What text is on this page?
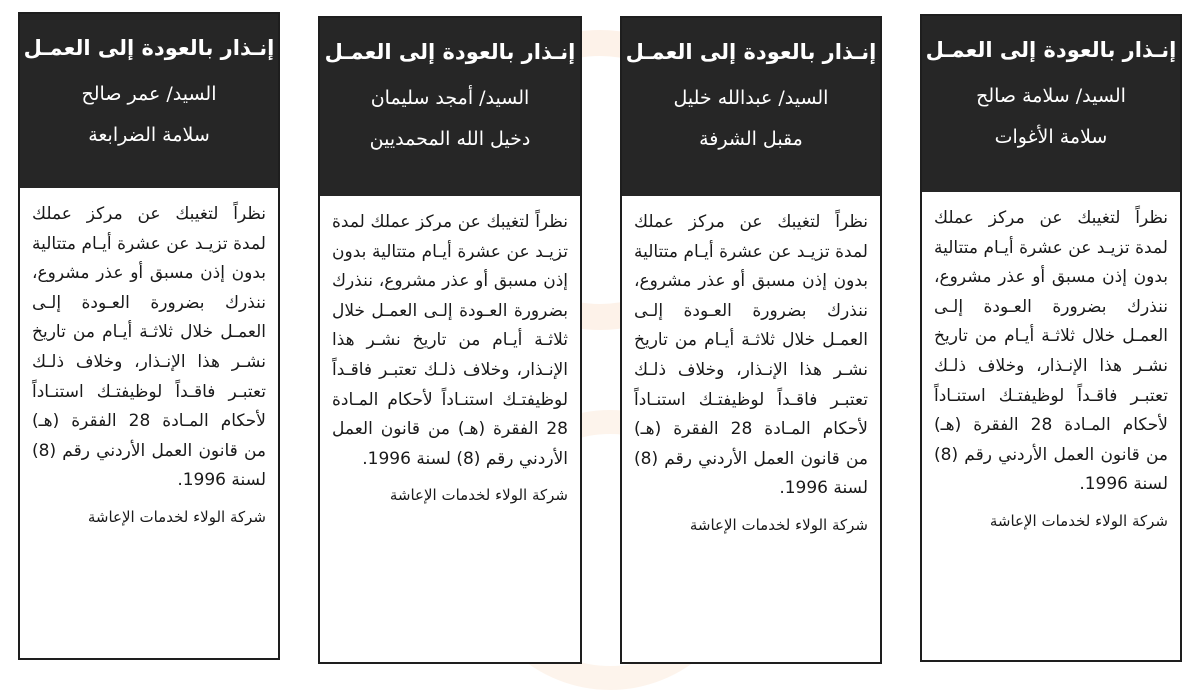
إنـذار بالعودة إلى العمـل
السيد/ سلامة صالح
سلامة الأغوات
نظراً لتغيبك عن مركز عملك لمدة تزيـد عن عشرة أيـام متتالية بدون إذن مسبق أو عذر مشروع، ننذرك بضرورة العـودة إلـى العمـل خلال ثلاثـة أيـام من تاريخ نشـر هذا الإنـذار، وخلاف ذلـك تعتبـر فاقـداً لوظيفتـك استنـاداً لأحكام المـادة 28 الفقرة (هـ) من قانون العمل الأردني رقم (8) لسنة 1996.
شركة الولاء لخدمات الإعاشة
إنـذار بالعودة إلى العمـل
السيد/ عبدالله خليل
مقبل الشرفة
نظراً لتغيبك عن مركز عملك لمدة تزيـد عن عشرة أيـام متتالية بدون إذن مسبق أو عذر مشروع، ننذرك بضرورة العـودة إلـى العمـل خلال ثلاثـة أيـام من تاريخ نشـر هذا الإنـذار، وخلاف ذلـك تعتبـر فاقـداً لوظيفتـك استنـاداً لأحكام المـادة 28 الفقرة (هـ) من قانون العمل الأردني رقم (8) لسنة 1996.
شركة الولاء لخدمات الإعاشة
إنـذار بالعودة إلى العمـل
السيد/ أمجد سليمان
دخيل الله المحمديين
نظراً لتغيبك عن مركز عملك لمدة تزيـد عن عشرة أيـام متتالية بدون إذن مسبق أو عذر مشروع، ننذرك بضرورة العـودة إلـى العمـل خلال ثلاثـة أيـام من تاريخ نشـر هذا الإنـذار، وخلاف ذلـك تعتبـر فاقـداً لوظيفتـك استنـاداً لأحكام المـادة 28 الفقرة (هـ) من قانون العمل الأردني رقم (8) لسنة 1996.
شركة الولاء لخدمات الإعاشة
إنـذار بالعودة إلى العمـل
السيد/ عمر صالح
سلامة الضرابعة
نظراً لتغيبك عن مركز عملك لمدة تزيـد عن عشرة أيـام متتالية بدون إذن مسبق أو عذر مشروع، ننذرك بضرورة العـودة إلـى العمـل خلال ثلاثـة أيـام من تاريخ نشـر هذا الإنـذار، وخلاف ذلـك تعتبـر فاقـداً لوظيفتـك استنـاداً لأحكام المـادة 28 الفقرة (هـ) من قانون العمل الأردني رقم (8) لسنة 1996.
شركة الولاء لخدمات الإعاشة
